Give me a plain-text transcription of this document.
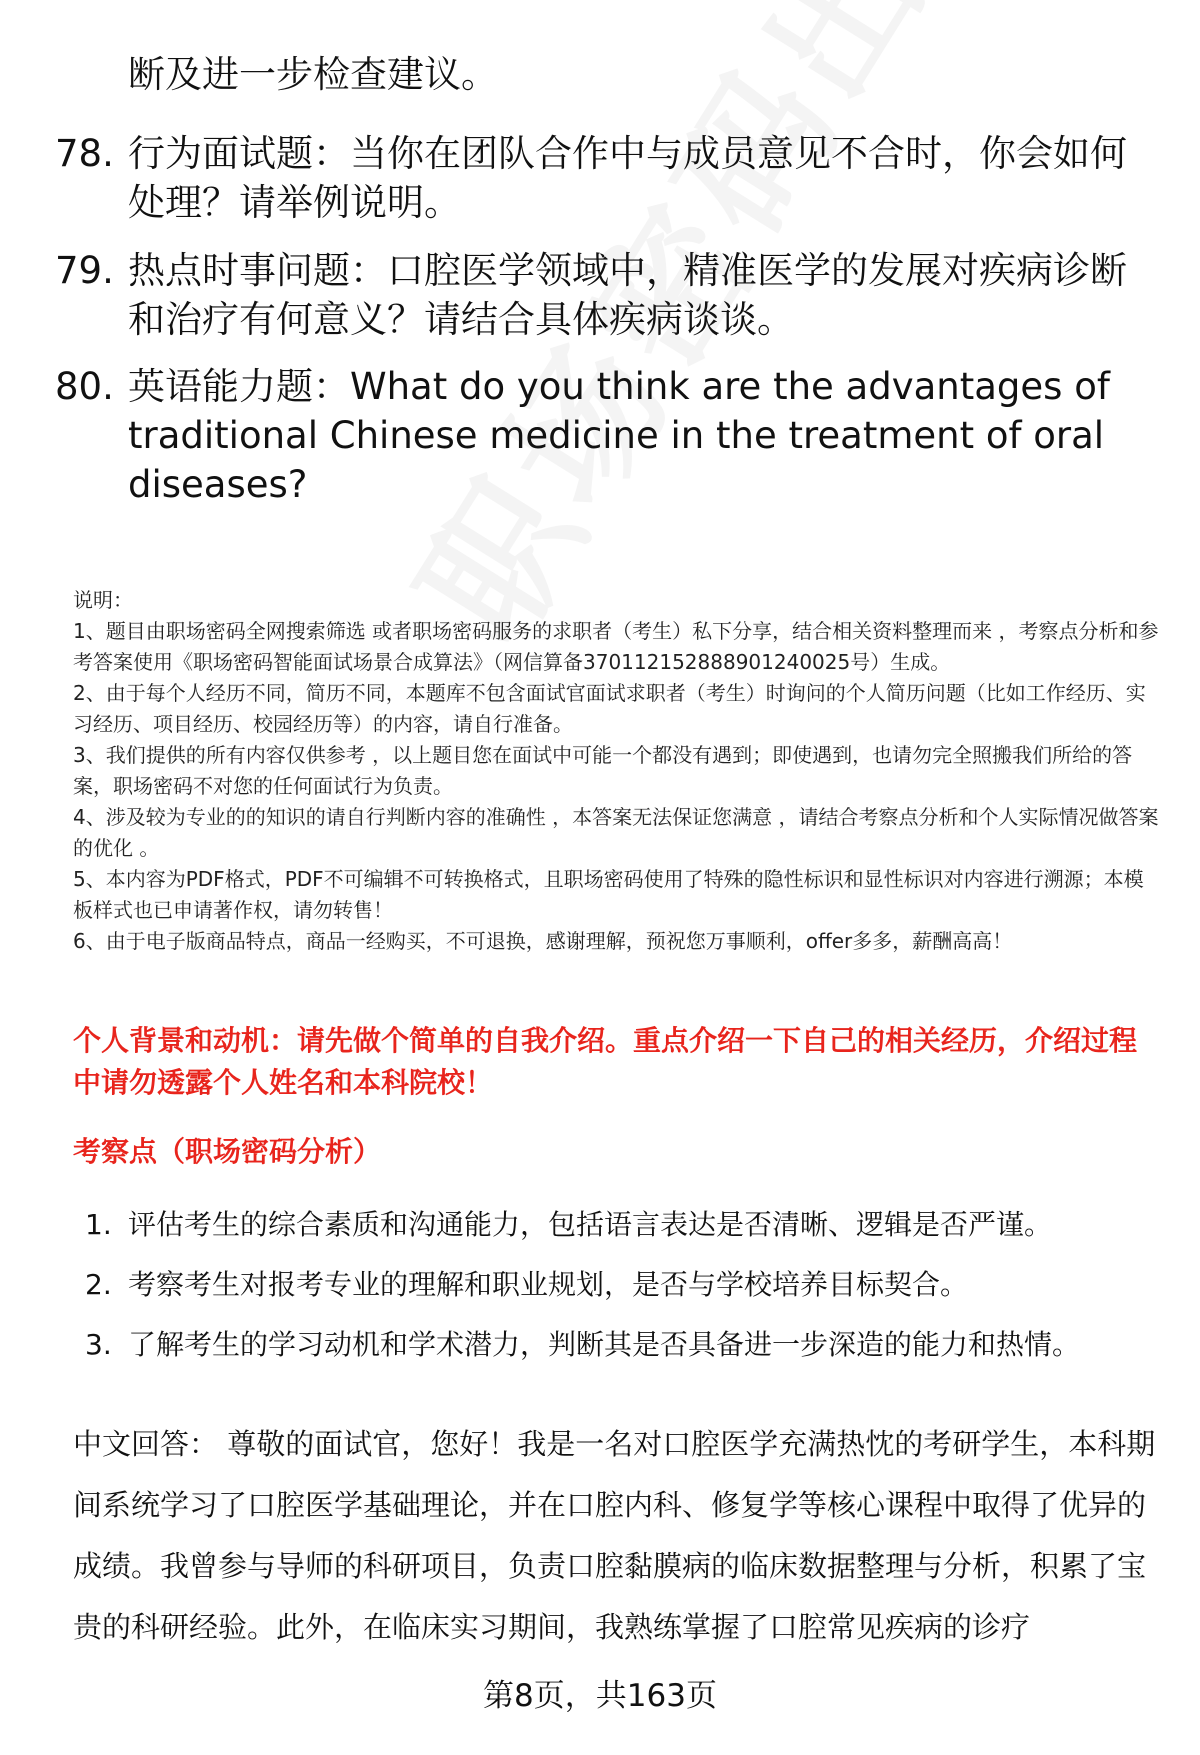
断及进一步检查建议。
78. 行为面试题：当你在团队合作中与成员意见不合时，你会如何处理？请举例说明。
79. 热点时事问题：口腔医学领域中，精准医学的发展对疾病诊断和治疗有何意义？请结合具体疾病谈谈。
80. 英语能力题：What do you think are the advantages of traditional Chinese medicine in the treatment of oral diseases?

说明：

1、题目由职场密码全网搜索筛选 或者职场密码服务的求职者（考生）私下分享，结合相关资料整理而来 ，考察点分析和参考答案使用《职场密码智能面试场景合成算法》（网信算备370112152888901240025号）生成。

2、由于每个人经历不同，简历不同，本题库不包含面试官面试求职者（考生）时询问的个人简历问题（比如工作经历、实习经历、项目经历、校园经历等）的内容，请自行准备。

3、我们提供的所有内容仅供参考 ，以上题目您在面试中可能一个都没有遇到；即使遇到，也请勿完全照搬我们所给的答案，职场密码不对您的任何面试行为负责。

4、涉及较为专业的的知识的请自行判断内容的准确性 ，本答案无法保证您满意 ，请结合考察点分析和个人实际情况做答案的优化 。

5、本内容为PDF格式，PDF不可编辑不可转换格式，且职场密码使用了特殊的隐性标识和显性标识对内容进行溯源；本模板样式也已申请著作权，请勿转售！

6、由于电子版商品特点，商品一经购买，不可退换，感谢理解，预祝您万事顺利，offer多多，薪酬高高！

个人背景和动机：请先做个简单的自我介绍。重点介绍一下自己的相关经历，介绍过程中请勿透露个人姓名和本科院校！
考察点（职场密码分析）
1. 评估考生的综合素质和沟通能力，包括语言表达是否清晰、逻辑是否严谨。
2. 考察考生对报考专业的理解和职业规划，是否与学校培养目标契合。
3. 了解考生的学习动机和学术潜力，判断其是否具备进一步深造的能力和热情。
中文回答： 尊敬的面试官，您好！我是一名对口腔医学充满热忱的考研学生，本科期间系统学习了口腔医学基础理论，并在口腔内科、修复学等核心课程中取得了优异的成绩。我曾参与导师的科研项目，负责口腔黏膜病的临床数据整理与分析，积累了宝贵的科研经验。此外，在临床实习期间，我熟练掌握了口腔常见疾病的诊疗
第8页，共163页
